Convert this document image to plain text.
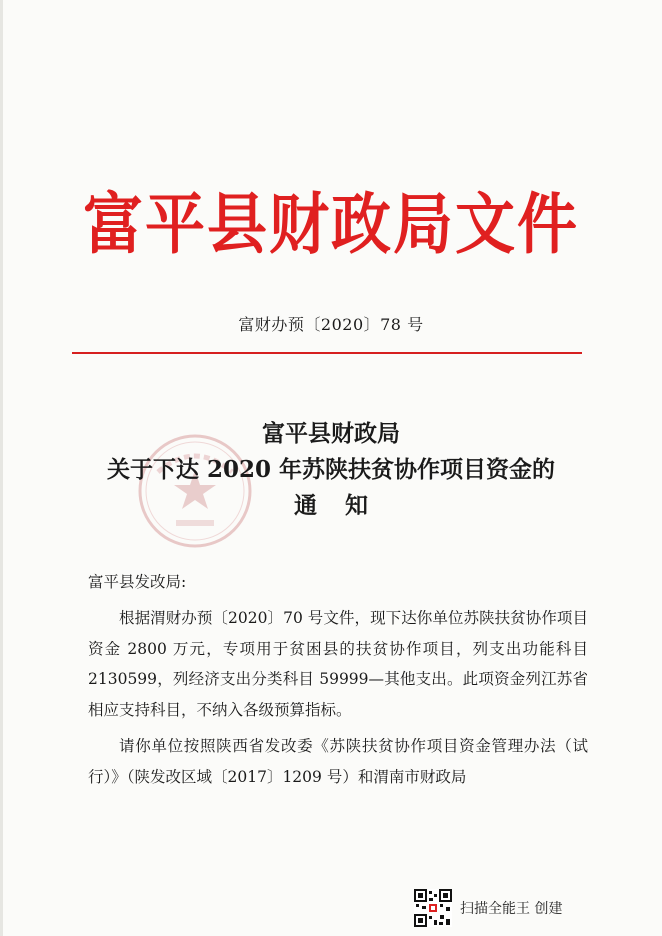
富平县财政局文件
富财办预〔2020〕78 号
富平县财政局
关于下达 2020 年苏陕扶贫协作项目资金的
通知
富平县发改局:

根据渭财办预〔2020〕70 号文件，现下达你单位苏陕扶贫协作项目资金 2800 万元，专项用于贫困县的扶贫协作项目，列支出功能科目 2130599，列经济支出分类科目 59999—其他支出。此项资金列江苏省相应支持科目，不纳入各级预算指标。

请你单位按照陕西省发改委《苏陕扶贫协作项目资金管理办法（试行）》（陕发改区域〔2017〕1209 号）和渭南市财政局

扫描全能王 创建
